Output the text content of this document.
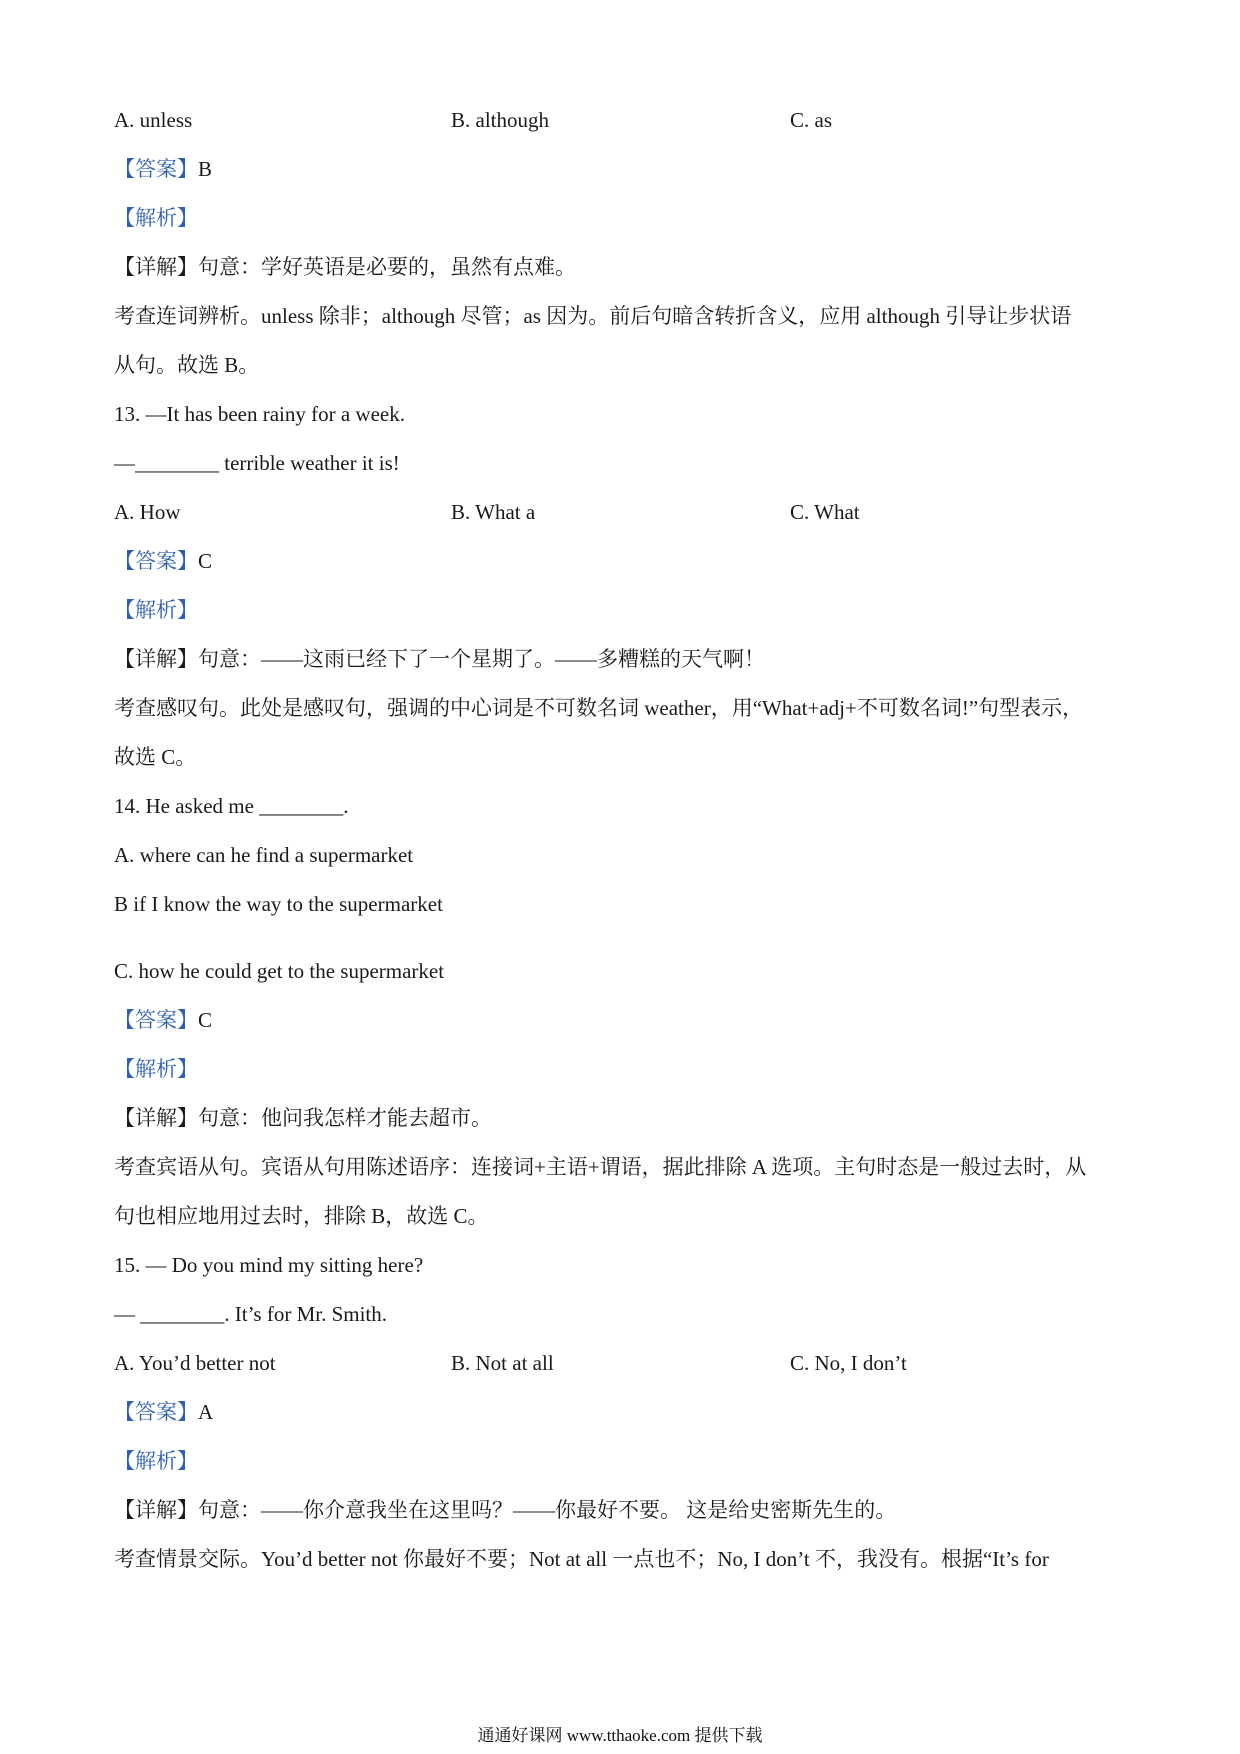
A. unless	B. although	C. as
【答案】B
【解析】
【详解】句意：学好英语是必要的，虽然有点难。
考查连词辨析。unless 除非；although 尽管；as 因为。前后句暗含转折含义，应用 although 引导让步状语
从句。故选 B。
13. —It has been rainy for a week.
—________ terrible weather it is!
A. How	B. What a	C. What
【答案】C
【解析】
【详解】句意：——这雨已经下了一个星期了。——多糟糕的天气啊！
考查感叹句。此处是感叹句，强调的中心词是不可数名词 weather，用“What+adj+不可数名词!”句型表示，
故选 C。
14. He asked me ________.
A. where can he find a supermarket
B if I know the way to the supermarket
C. how he could get to the supermarket
【答案】C
【解析】
【详解】句意：他问我怎样才能去超市。
考查宾语从句。宾语从句用陈述语序：连接词+主语+谓语，据此排除 A 选项。主句时态是一般过去时，从
句也相应地用过去时，排除 B，故选 C。
15. — Do you mind my sitting here?
— ________. It’s for Mr. Smith.
A. You’d better not	B. Not at all	C. No, I don’t
【答案】A
【解析】
【详解】句意：——你介意我坐在这里吗？——你最好不要。 这是给史密斯先生的。
考查情景交际。You’d better not 你最好不要；Not at all 一点也不；No, I don’t 不，我没有。根据“It’s for
通通好课网 www.tthaoke.com 提供下载
